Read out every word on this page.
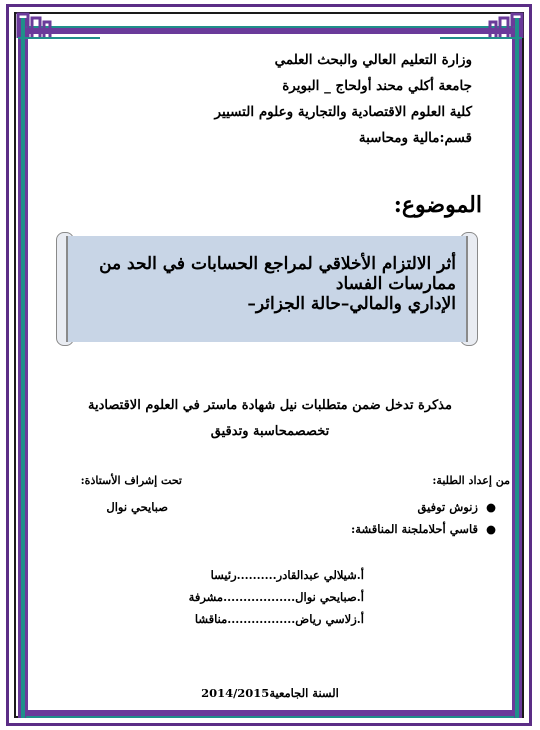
وزارة التعليم العالي والبحث العلمي
جامعة أكلي محند أولحاج _ البويرة
كلية العلوم الاقتصادية والتجارية وعلوم التسيير
قسم:مالية ومحاسبة
الموضوع:
أثر الالتزام الأخلاقي لمراجع الحسابات في الحد من ممارسات الفساد
الإداري والمالي–حالة الجزائر–
مذكرة تدخل ضمن متطلبات نيل شهادة ماستر في العلوم الاقتصادية
تخصصمحاسبة وتدقيق
من إعداد الطلبة:
تحت إشراف الأستاذة:
●  زنوش توفيق
صبايحي نوال
●  قاسي أحلاملجنة المناقشة:
أ.شيلالي عبدالقادر..........رئيسا
أ.صبايحي نوال..................مشرفة
أ.زلاسي رياض.................مناقشا
السنة الجامعية2014/2015
